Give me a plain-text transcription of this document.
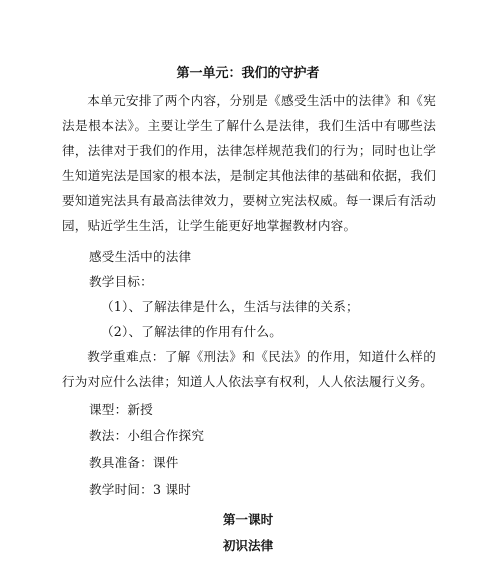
第一单元：我们的守护者
本单元安排了两个内容，分别是《感受生活中的法律》和《宪法是根本法》。主要让学生了解什么是法律，我们生活中有哪些法律，法律对于我们的作用，法律怎样规范我们的行为；同时也让学生知道宪法是国家的根本法，是制定其他法律的基础和依据，我们要知道宪法具有最高法律效力，要树立宪法权威。每一课后有活动园，贴近学生生活，让学生能更好地掌握教材内容。
感受生活中的法律
教学目标：
（1）、了解法律是什么，生活与法律的关系；
（2）、了解法律的作用有什么。
教学重难点：了解《刑法》和《民法》的作用，知道什么样的行为对应什么法律；知道人人依法享有权利，人人依法履行义务。
课型：新授
教法：小组合作探究
教具准备：课件
教学时间：3 课时
第一课时
初识法律
